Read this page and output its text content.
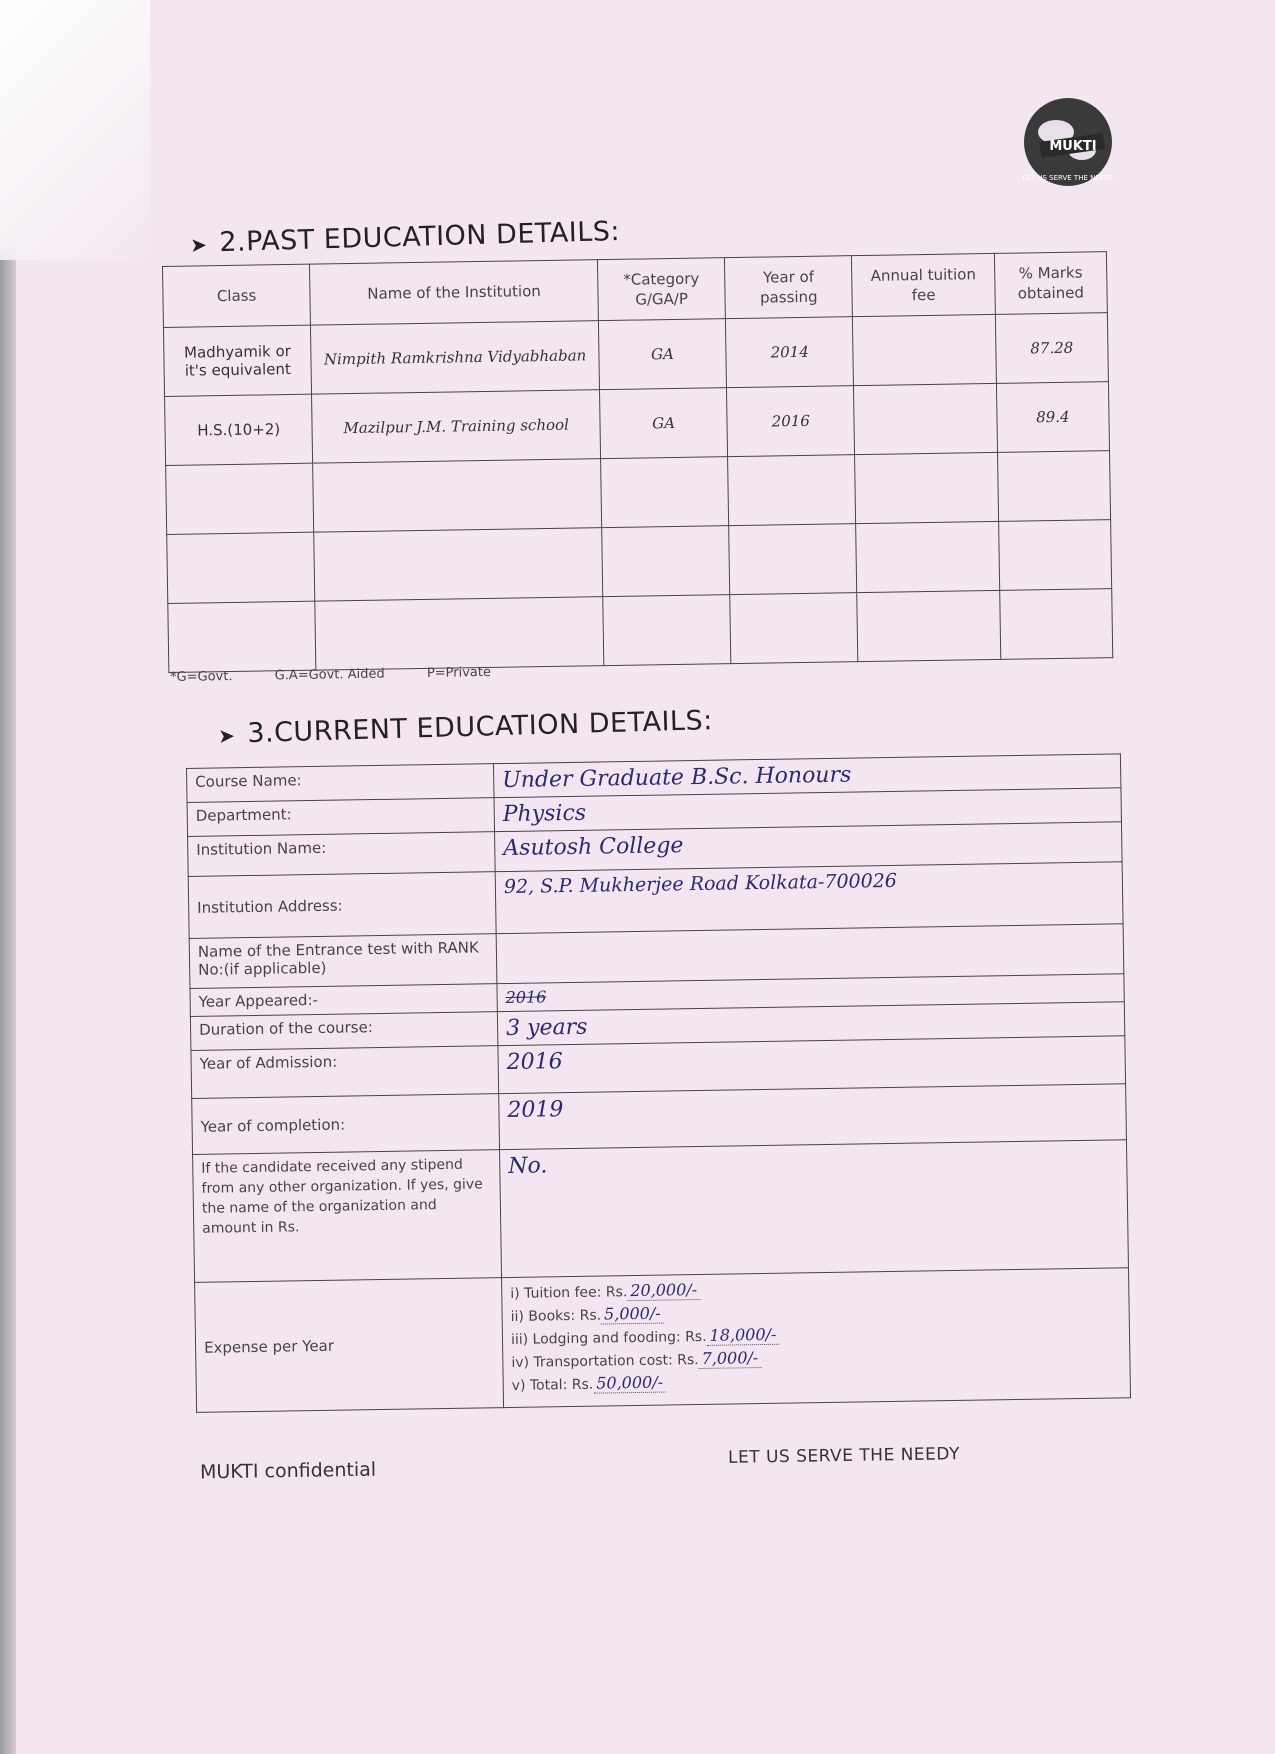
MUKTI
LET US SERVE THE NEEDY
➤ 2.PAST EDUCATION DETAILS:
Class	Name of the Institution	*Category G/GA/P	Year of passing	Annual tuition fee	% Marks obtained
Madhyamik or it's equivalent	Nimpith Ramkrishna Vidyabhaban	GA	2014		87.28
H.S.(10+2)	Mazilpur J.M. Training school	GA	2016		89.4

*G=Govt.	G.A=Govt. Aided	P=Private
➤ 3.CURRENT EDUCATION DETAILS:
Course Name:	Under Graduate B.Sc. Honours
Department:	Physics
Institution Name:	Asutosh College
Institution Address:	92, S.P. Mukherjee Road Kolkata-700026
Name of the Entrance test with RANK No:(if applicable)	
Year Appeared:-	2016
Duration of the course:	3 years
Year of Admission:	2016
Year of completion:	2019
If the candidate received any stipend from any other organization. If yes, give the name of the organization and amount in Rs.	No.
Expense per Year	i) Tuition fee: Rs. 20,000/-
ii) Books: Rs. 5,000/-
iii) Lodging and fooding: Rs. 18,000/-
iv) Transportation cost: Rs. 7,000/-
v) Total: Rs. 50,000/-
MUKTI confidential
LET US SERVE THE NEEDY
